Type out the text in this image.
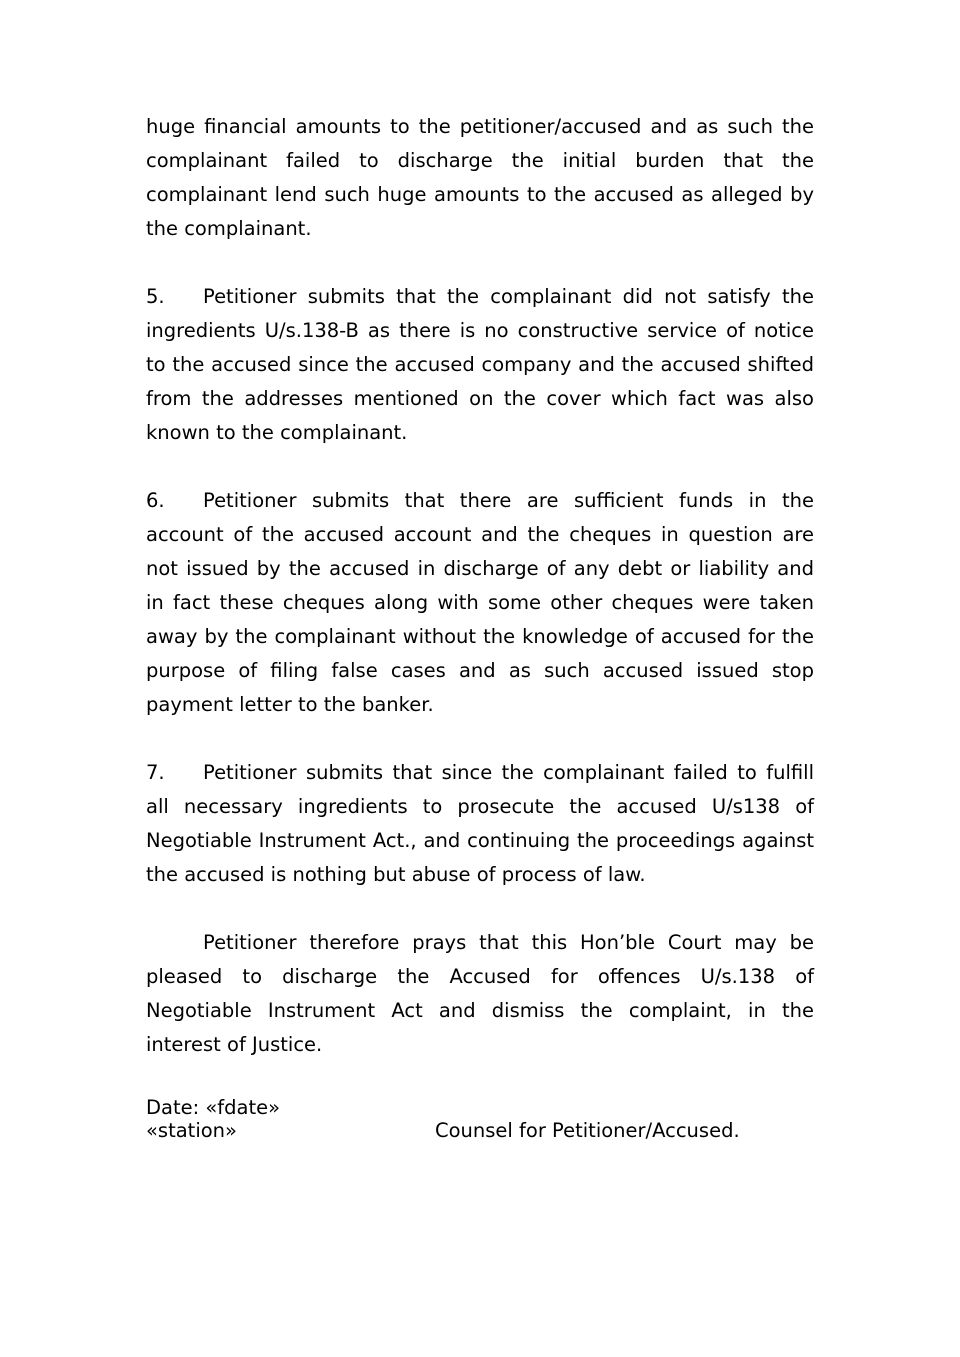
huge financial amounts to the petitioner/accused and as such the complainant failed to discharge the initial burden that the complainant lend such huge amounts to the accused as alleged by the complainant.

5. Petitioner submits that the complainant did not satisfy the ingredients U/s.138-B as there is no constructive service of notice to the accused since the accused company and the accused shifted from the addresses mentioned on the cover which fact was also known to the complainant.

6. Petitioner submits that there are sufficient funds in the account of the accused account and the cheques in question are not issued by the accused in discharge of any debt or liability and in fact these cheques along with some other cheques were taken away by the complainant without the knowledge of accused for the purpose of filing false cases and as such accused issued stop payment letter to the banker.

7. Petitioner submits that since the complainant failed to fulfill all necessary ingredients to prosecute the accused U/s138 of Negotiable Instrument Act., and continuing the proceedings against the accused is nothing but abuse of process of law.

Petitioner therefore prays that this Hon’ble Court may be pleased to discharge the Accused for offences U/s.138 of Negotiable Instrument Act and dismiss the complaint, in the interest of Justice.

Date: «fdate»
«station»	Counsel for Petitioner/Accused.
